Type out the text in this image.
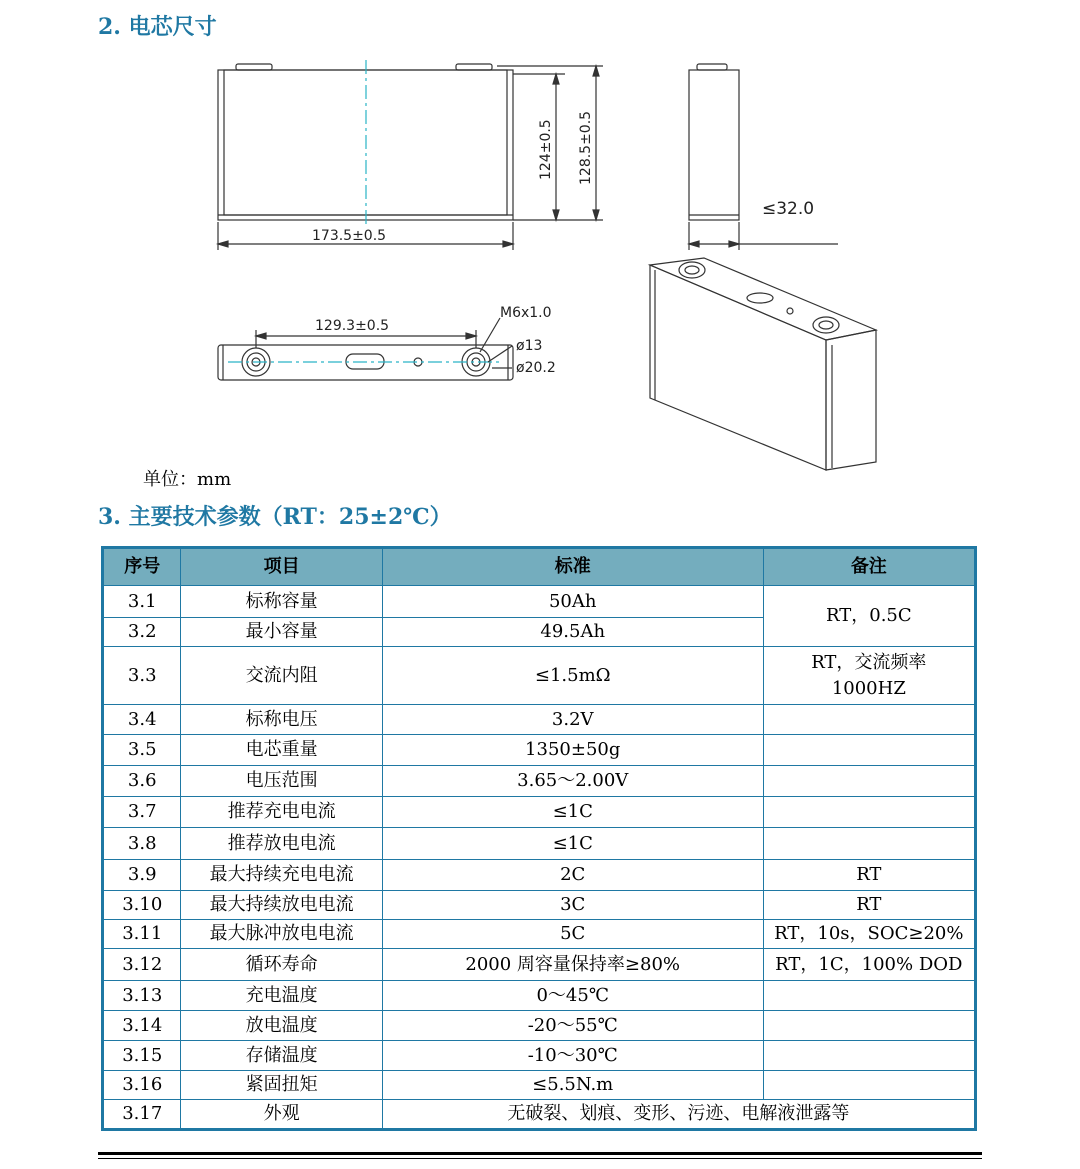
2. 电芯尺寸
173.5±0.5
124±0.5 128.5±0.5
≤32.0
129.3±0.5
M6x1.0
ø13
ø20.2
单位：mm
3. 主要技术参数（RT：25±2℃）
序号	项目	标准	备注
3.1	标称容量	50Ah	RT，0.5C
3.2	最小容量	49.5Ah	
3.3	交流内阻	≤1.5mΩ	RT，交流频率
1000HZ

3.4	标称电压	3.2V	
3.5	电芯重量	1350±50g	
3.6	电压范围	3.65～2.00V	
3.7	推荐充电电流	≤1C	
3.8	推荐放电电流	≤1C	
3.9	最大持续充电电流	2C	RT
3.10	最大持续放电电流	3C	RT
3.11	最大脉冲放电电流	5C	RT，10s，SOC≥20%
3.12	循环寿命	2000 周容量保持率≥80%	RT，1C，100% DOD
3.13	充电温度	0～45℃	
3.14	放电温度	-20～55℃	
3.15	存储温度	-10～30℃	
3.16	紧固扭矩	≤5.5N.m	
3.17	外观	无破裂、划痕、变形、污迹、电解液泄露等	
